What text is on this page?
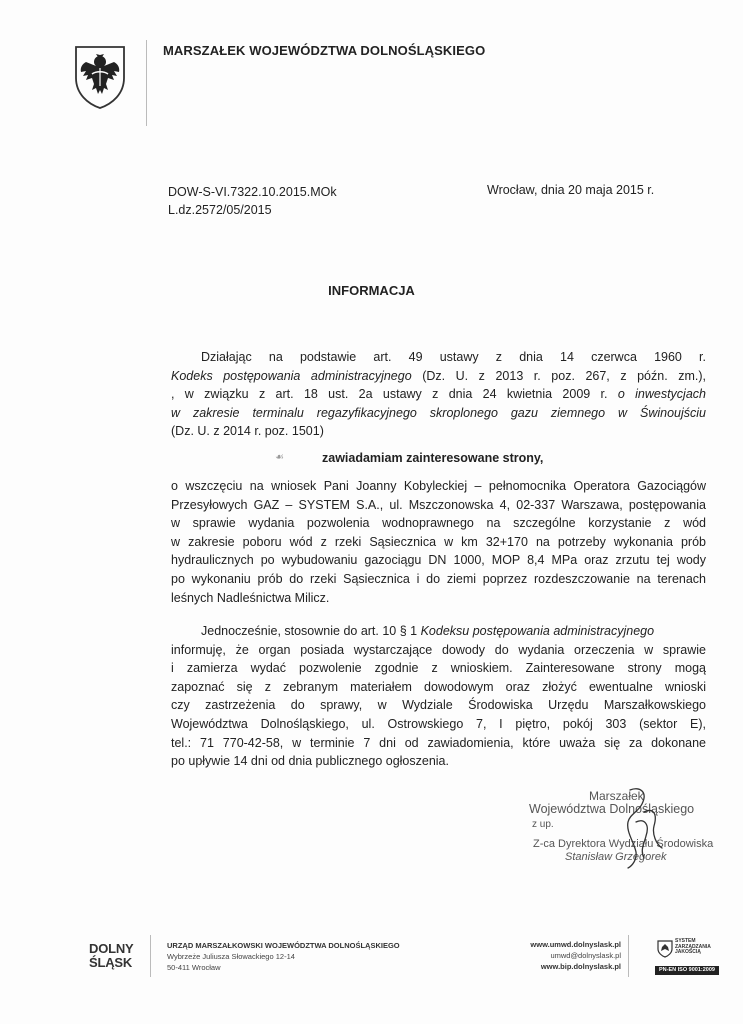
MARSZAŁEK WOJEWÓDZTWA DOLNOŚLĄSKIEGO
DOW-S-VI.7322.10.2015.MOk
L.dz.2572/05/2015
Wrocław, dnia 20 maja 2015 r.
INFORMACJA
Działając na podstawie art. 49 ustawy z dnia 14 czerwca 1960 r.
Kodeks postępowania administracyjnego (Dz. U. z 2013 r. poz. 267, z późn. zm.),
, w związku z art. 18 ust. 2a ustawy z dnia 24 kwietnia 2009 r. o inwestycjach
w zakresie terminalu regazyfikacyjnego skroplonego gazu ziemnego w Świnoujściu
(Dz. U. z 2014 r. poz. 1501)
☙	zawiadamiam zainteresowane strony,
o wszczęciu na wniosek Pani Joanny Kobyleckiej – pełnomocnika Operatora Gazociągów
Przesyłowych GAZ – SYSTEM S.A., ul. Mszczonowska 4, 02-337 Warszawa, postępowania
w sprawie wydania pozwolenia wodnoprawnego na szczególne korzystanie z wód
w zakresie poboru wód z rzeki Sąsiecznica w km 32+170 na potrzeby wykonania prób
hydraulicznych po wybudowaniu gazociągu DN 1000, MOP 8,4 MPa oraz zrzutu tej wody
po wykonaniu prób do rzeki Sąsiecznica i do ziemi poprzez rozdeszczowanie na terenach
leśnych Nadleśnictwa Milicz.
Jednocześnie, stosownie do art. 10 § 1 Kodeksu postępowania administracyjnego
informuję, że organ posiada wystarczające dowody do wydania orzeczenia w sprawie
i zamierza wydać pozwolenie zgodnie z wnioskiem. Zainteresowane strony mogą
zapoznać się z zebranym materiałem dowodowym oraz złożyć ewentualne wnioski
czy zastrzeżenia do sprawy, w Wydziale Środowiska Urzędu Marszałkowskiego
Województwa Dolnośląskiego, ul. Ostrowskiego 7, I piętro, pokój 303 (sektor E),
tel.: 71 770-42-58, w terminie 7 dni od zawiadomienia, które uważa się za dokonane
po upływie 14 dni od dnia publicznego ogłoszenia.
Marszałek
Województwa Dolnośląskiego
z up.
Z-ca Dyrektora Wydziału Środowiska
Stanisław Grzegorek
DOLNY
ŚLĄSK
URZĄD MARSZAŁKOWSKI WOJEWÓDZTWA DOLNOŚLĄSKIEGO
Wybrzeże Juliusza Słowackiego 12-14
50-411 Wrocław
www.umwd.dolnyslask.pl
umwd@dolnyslask.pl
www.bip.dolnyslask.pl
SYSTEM
ZARZĄDZANIA
JAKOŚCIĄ
PN-EN ISO 9001:2009
